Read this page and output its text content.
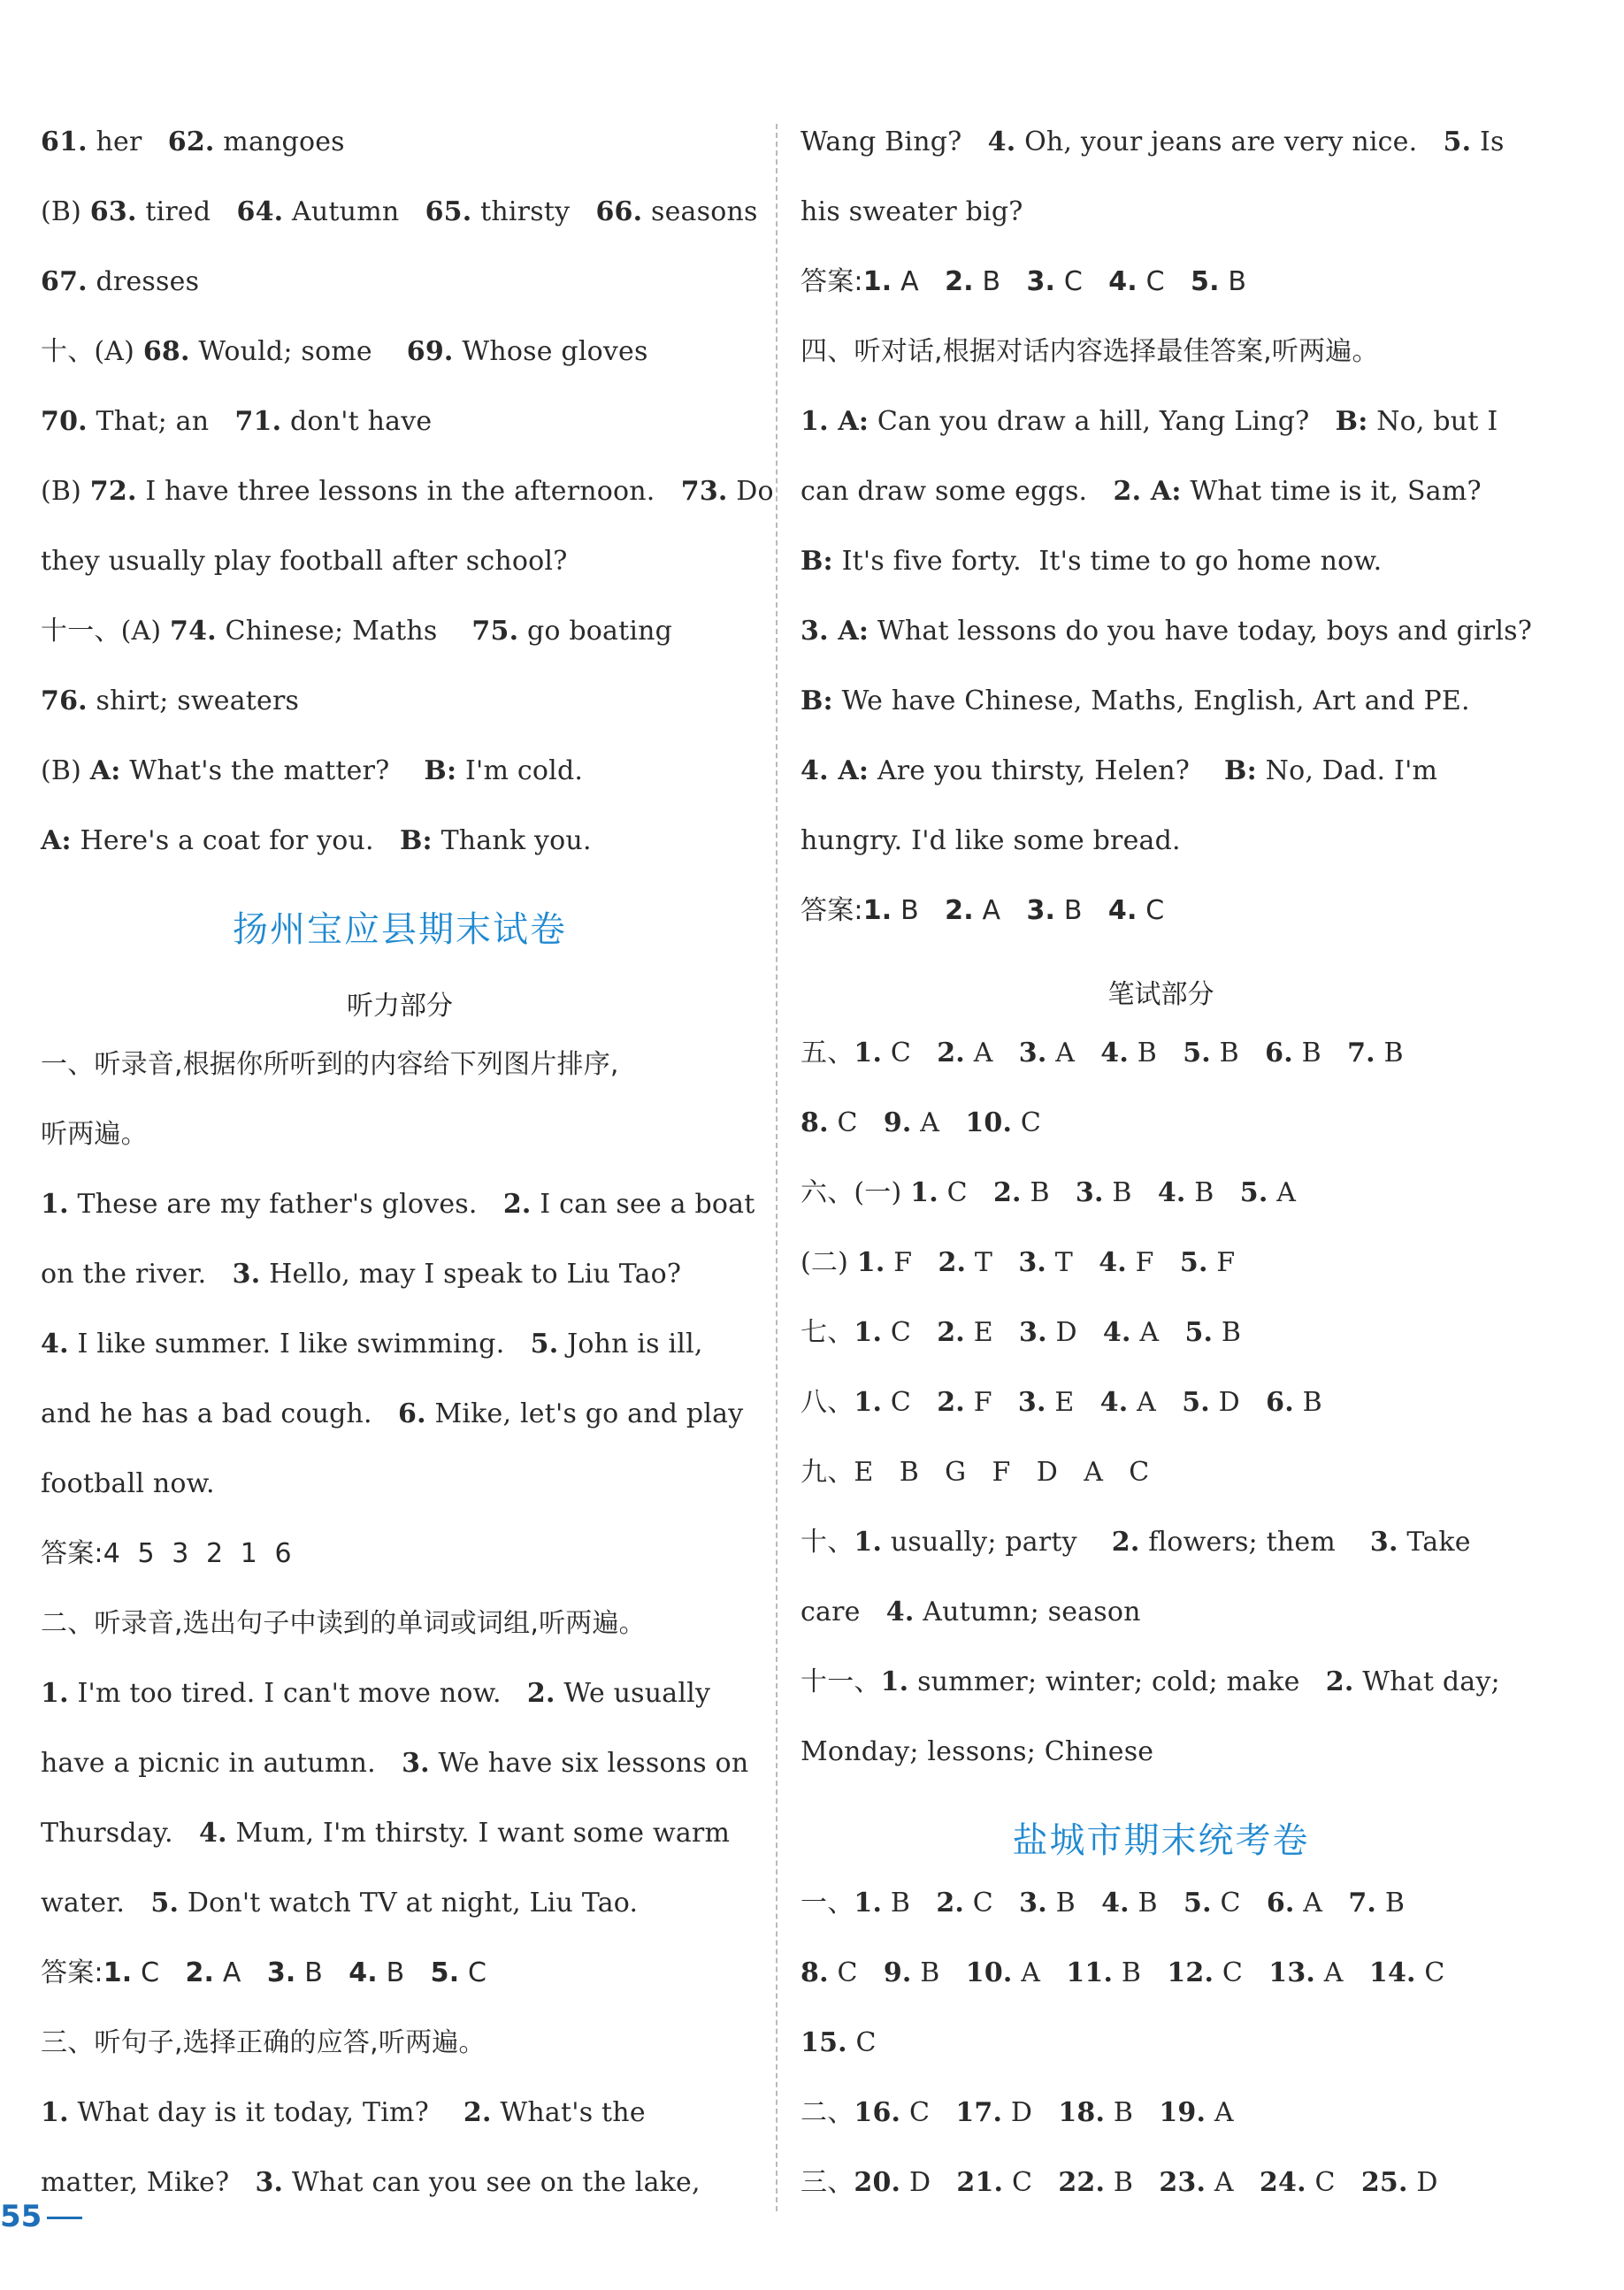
61. her   62. mangoes
(B) 63. tired   64. Autumn   65. thirsty   66. seasons
67. dresses
十、(A) 68. Would; some    69. Whose gloves
70. That; an   71. don't have
(B) 72. I have three lessons in the afternoon.   73. Do
they usually play football after school?
十一、(A) 74. Chinese; Maths    75. go boating
76. shirt; sweaters
(B) A: What's the matter?    B: I'm cold.
A: Here's a coat for you.   B: Thank you.
扬州宝应县期末试卷
听力部分
一、听录音,根据你所听到的内容给下列图片排序,
听两遍。
1. These are my father's gloves.   2. I can see a boat
on the river.   3. Hello, may I speak to Liu Tao?
4. I like summer. I like swimming.   5. John is ill,
and he has a bad cough.   6. Mike, let's go and play
football now.
答案:4  5  3  2  1  6
二、听录音,选出句子中读到的单词或词组,听两遍。
1. I'm too tired. I can't move now.   2. We usually
have a picnic in autumn.   3. We have six lessons on
Thursday.   4. Mum, I'm thirsty. I want some warm
water.   5. Don't watch TV at night, Liu Tao.
答案:1. C   2. A   3. B   4. B   5. C
三、听句子,选择正确的应答,听两遍。
1. What day is it today, Tim?    2. What's the
matter, Mike?   3. What can you see on the lake,
Wang Bing?   4. Oh, your jeans are very nice.   5. Is
his sweater big?
答案:1. A   2. B   3. C   4. C   5. B
四、听对话,根据对话内容选择最佳答案,听两遍。
1. A: Can you draw a hill, Yang Ling?   B: No, but I
can draw some eggs.   2. A: What time is it, Sam?
B: It's five forty.  It's time to go home now.
3. A: What lessons do you have today, boys and girls?
B: We have Chinese, Maths, English, Art and PE.
4. A: Are you thirsty, Helen?    B: No, Dad. I'm
hungry. I'd like some bread.
答案:1. B   2. A   3. B   4. C
笔试部分
五、1. C   2. A   3. A   4. B   5. B   6. B   7. B
8. C   9. A   10. C
六、(一) 1. C   2. B   3. B   4. B   5. A
(二) 1. F   2. T   3. T   4. F   5. F
七、1. C   2. E   3. D   4. A   5. B
八、1. C   2. F   3. E   4. A   5. D   6. B
九、E   B   G   F   D   A   C
十、1. usually; party    2. flowers; them    3. Take
care   4. Autumn; season
十一、1. summer; winter; cold; make   2. What day;
Monday; lessons; Chinese
盐城市期末统考卷
一、1. B   2. C   3. B   4. B   5. C   6. A   7. B
8. C   9. B   10. A   11. B   12. C   13. A   14. C
15. C
二、16. C   17. D   18. B   19. A
三、20. D   21. C   22. B   23. A   24. C   25. D
55
